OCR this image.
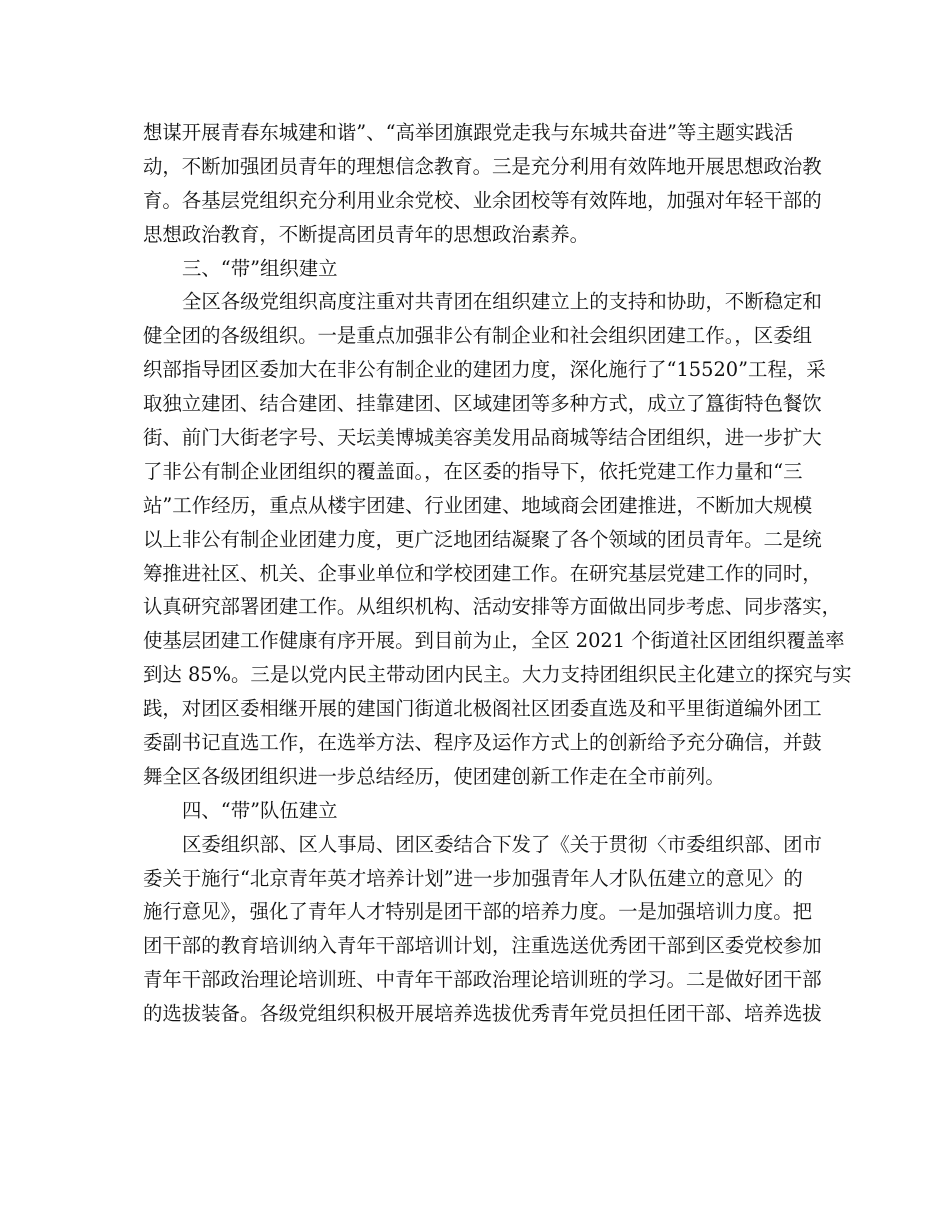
想谋开展青春东城建和谐”、“高举团旗跟党走我与东城共奋进”等主题实践活
动，不断加强团员青年的理想信念教育。三是充分利用有效阵地开展思想政治教
育。各基层党组织充分利用业余党校、业余团校等有效阵地，加强对年轻干部的
思想政治教育，不断提高团员青年的思想政治素养。
三、“带”组织建立
全区各级党组织高度注重对共青团在组织建立上的支持和协助，不断稳定和
健全团的各级组织。一是重点加强非公有制企业和社会组织团建工作。，区委组
织部指导团区委加大在非公有制企业的建团力度，深化施行了“15520”工程，采
取独立建团、结合建团、挂靠建团、区域建团等多种方式，成立了簋街特色餐饮
街、前门大街老字号、天坛美博城美容美发用品商城等结合团组织，进一步扩大
了非公有制企业团组织的覆盖面。，在区委的指导下，依托党建工作力量和“三
站”工作经历，重点从楼宇团建、行业团建、地域商会团建推进，不断加大规模
以上非公有制企业团建力度，更广泛地团结凝聚了各个领域的团员青年。二是统
筹推进社区、机关、企事业单位和学校团建工作。在研究基层党建工作的同时，
认真研究部署团建工作。从组织机构、活动安排等方面做出同步考虑、同步落实，
使基层团建工作健康有序开展。到目前为止，全区 2021 个街道社区团组织覆盖率
到达 85%。三是以党内民主带动团内民主。大力支持团组织民主化建立的探究与实
践，对团区委相继开展的建国门街道北极阁社区团委直选及和平里街道编外团工
委副书记直选工作，在选举方法、程序及运作方式上的创新给予充分确信，并鼓
舞全区各级团组织进一步总结经历，使团建创新工作走在全市前列。
四、“带”队伍建立
区委组织部、区人事局、团区委结合下发了《关于贯彻〈市委组织部、团市
委关于施行“北京青年英才培养计划”进一步加强青年人才队伍建立的意见〉的
施行意见》，强化了青年人才特别是团干部的培养力度。一是加强培训力度。把
团干部的教育培训纳入青年干部培训计划，注重选送优秀团干部到区委党校参加
青年干部政治理论培训班、中青年干部政治理论培训班的学习。二是做好团干部
的选拔装备。各级党组织积极开展培养选拔优秀青年党员担任团干部、培养选拔
